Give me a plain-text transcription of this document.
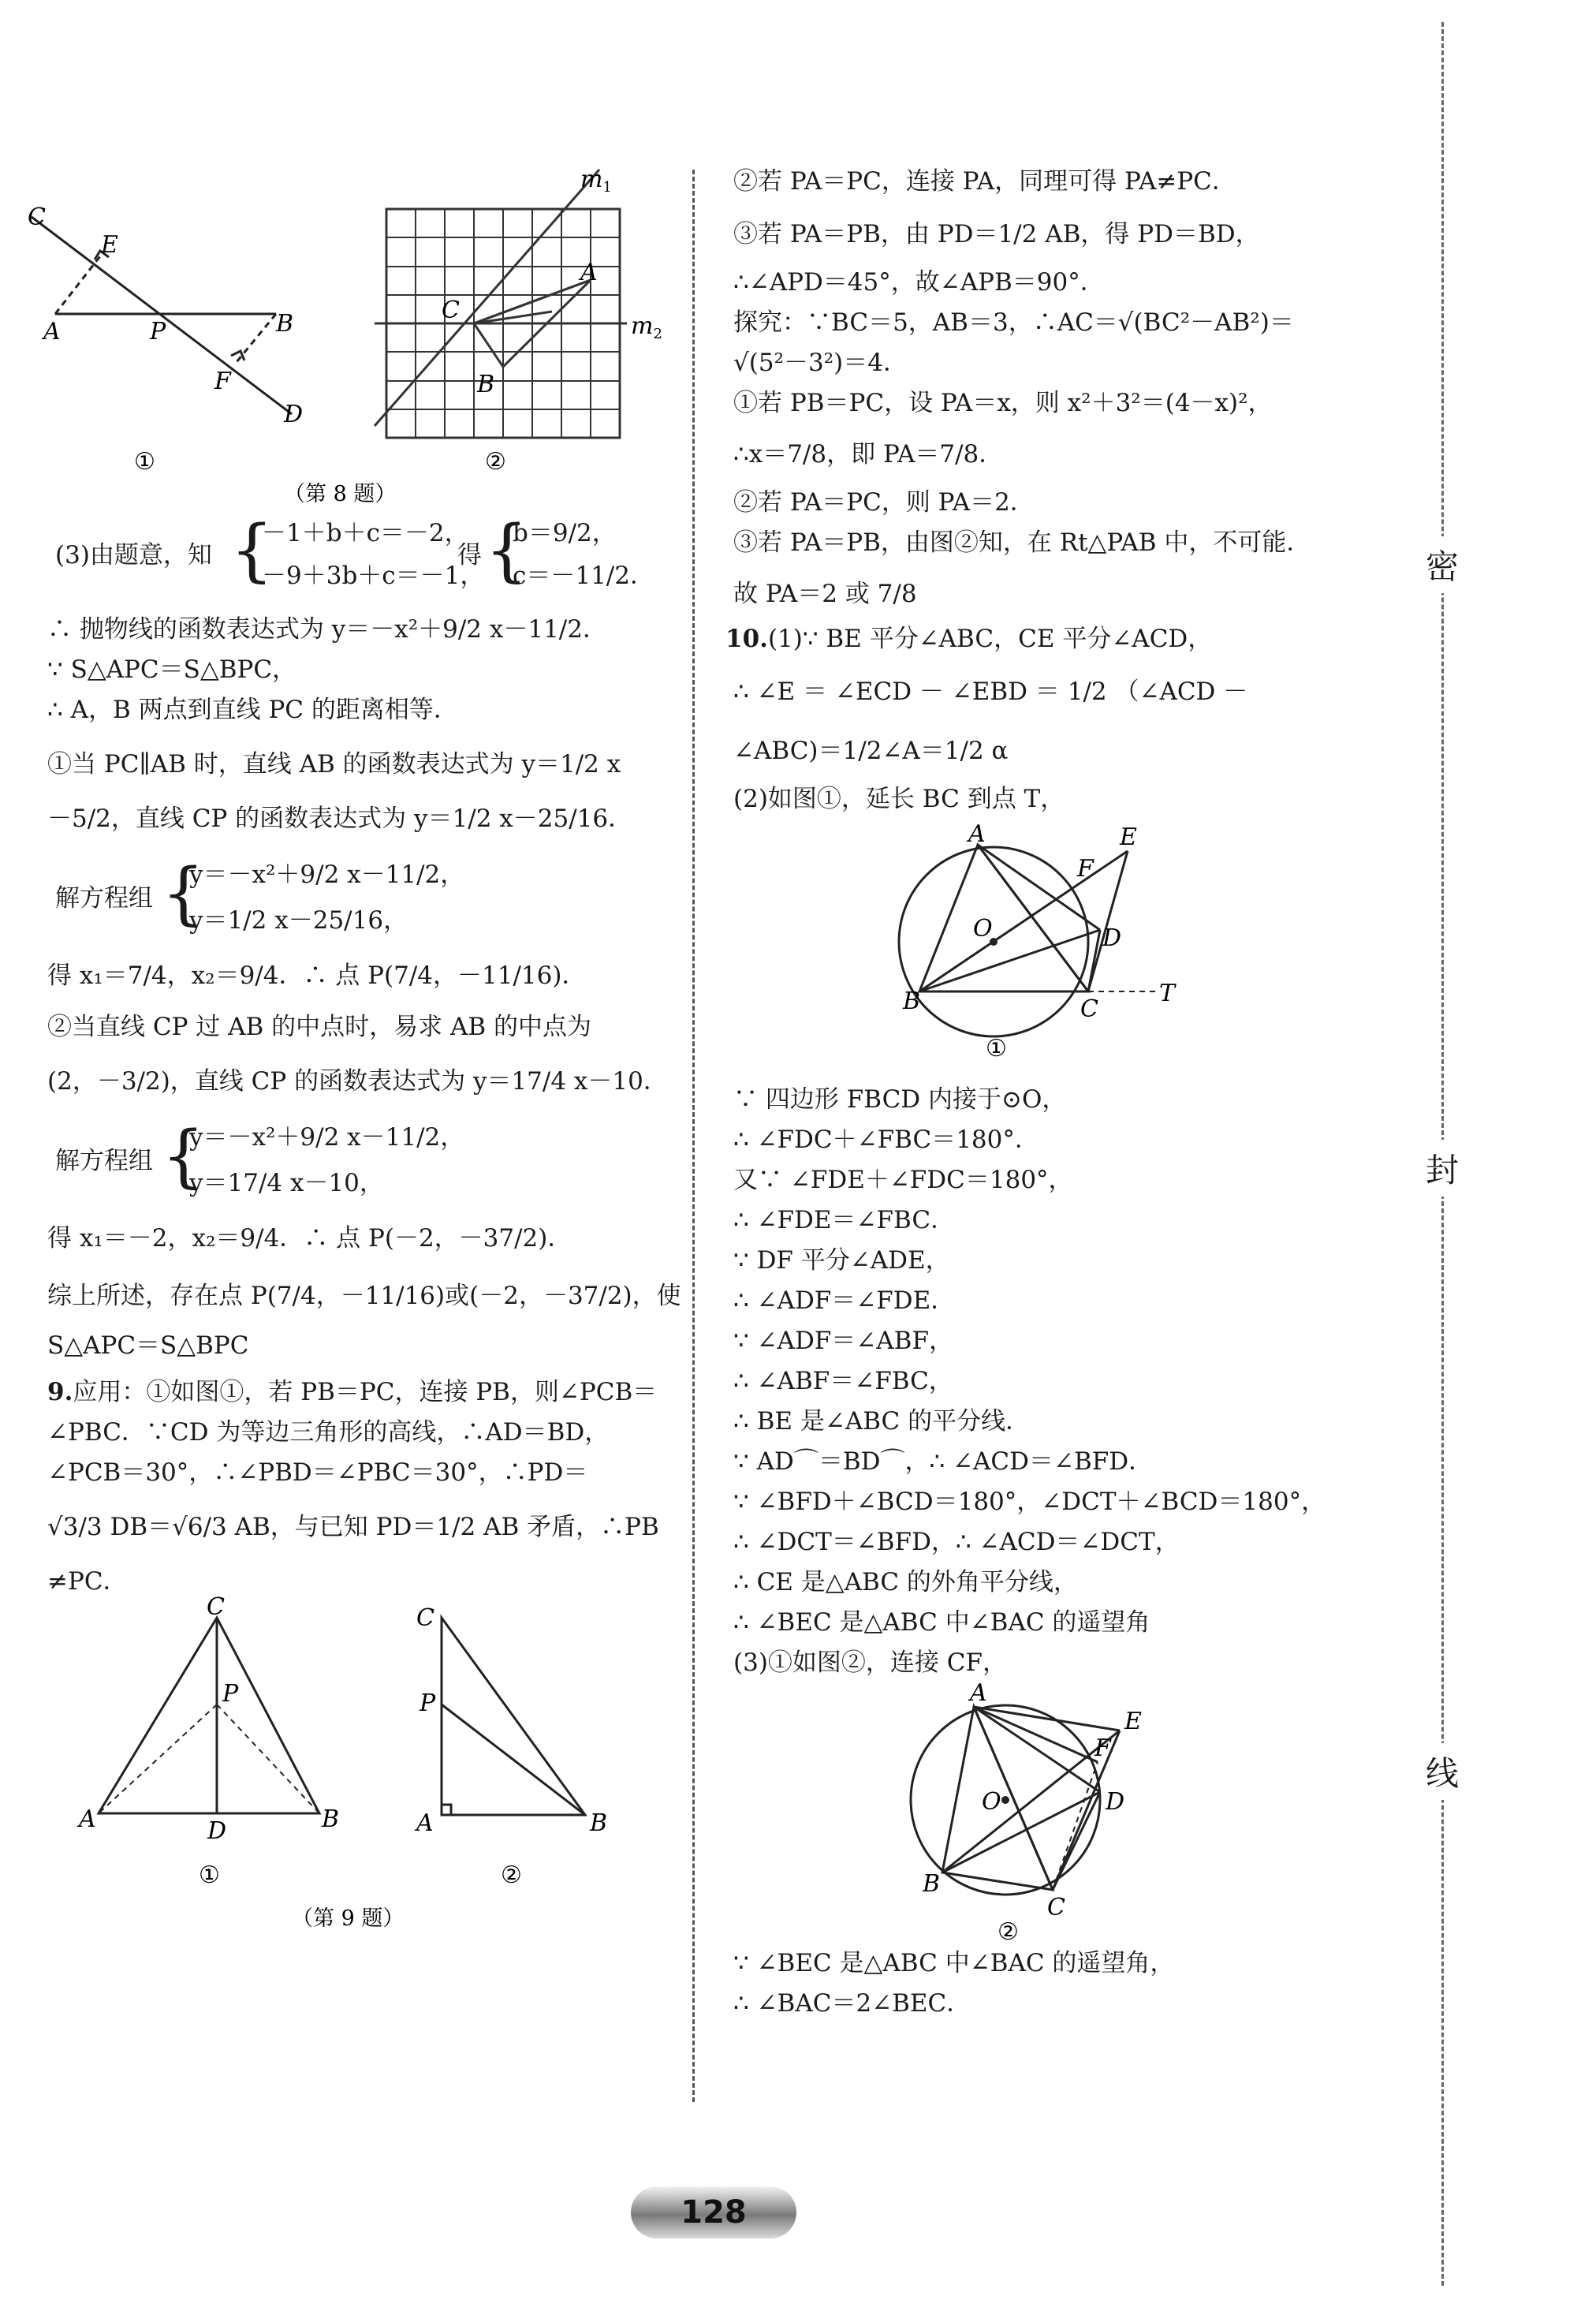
密
封
线
C
E
A	P	B
F
D
①
$m_1$
$m_2$
C
A
B
②
（第 8 题）
(3)由题意，知 {
－1＋b＋c＝－2，
－9＋3b＋c＝－1，
得 {
b＝9/2，
c＝－11/2．
∴ 抛物线的函数表达式为 y＝－x²＋9/2 x－11/2．
∵ S△APC＝S△BPC，
∴ A，B 两点到直线 PC 的距离相等．
①当 PC∥AB 时，直线 AB 的函数表达式为 y＝1/2 x
－5/2，直线 CP 的函数表达式为 y＝1/2 x－25/16．
解方程组 {
y＝－x²＋9/2 x－11/2，
y＝1/2 x－25/16，
得 x₁＝7/4，x₂＝9/4．∴ 点 P(7/4，－11/16)．
②当直线 CP 过 AB 的中点时，易求 AB 的中点为
(2，－3/2)，直线 CP 的函数表达式为 y＝17/4 x－10．
解方程组 {
y＝－x²＋9/2 x－11/2，
y＝17/4 x－10，
得 x₁＝－2，x₂＝9/4．∴ 点 P(－2，－37/2)．
综上所述，存在点 P(7/4，－11/16)或(－2，－37/2)，使
S△APC＝S△BPC
9.应用：①如图①，若 PB＝PC，连接 PB，则∠PCB＝
∠PBC．∵CD 为等边三角形的高线，∴AD＝BD，
∠PCB＝30°，∴∠PBD＝∠PBC＝30°，∴PD＝
√3/3 DB＝√6/3 AB，与已知 PD＝1/2 AB 矛盾，∴PB
≠PC．
C
P
A	D	B
①
C
P
A	B
②
（第 9 题）
②若 PA＝PC，连接 PA，同理可得 PA≠PC．
③若 PA＝PB，由 PD＝1/2 AB，得 PD＝BD，
∴∠APD＝45°，故∠APB＝90°．
探究：∵BC＝5，AB＝3，∴AC＝√(BC²－AB²)＝
√(5²－3²)＝4．
①若 PB＝PC，设 PA＝x，则 x²＋3²＝(4－x)²，
∴x＝7/8，即 PA＝7/8．
②若 PA＝PC，则 PA＝2．
③若 PA＝PB，由图②知，在 Rt△PAB 中，不可能．
故 PA＝2 或 7/8
10.(1)∵ BE 平分∠ABC，CE 平分∠ACD，
∴ ∠E ＝ ∠ECD － ∠EBD ＝ 1/2 （∠ACD －
∠ABC)＝1/2∠A＝1/2 α
(2)如图①，延长 BC 到点 T，
A	E
F
O	D
B	C
T
①
∵ 四边形 FBCD 内接于⊙O，
∴ ∠FDC＋∠FBC＝180°．
又∵ ∠FDE＋∠FDC＝180°，
∴ ∠FDE＝∠FBC．
∵ DF 平分∠ADE，
∴ ∠ADF＝∠FDE．
∵ ∠ADF＝∠ABF，
∴ ∠ABF＝∠FBC，
∴ BE 是∠ABC 的平分线．
∵ AD⌒＝BD⌒，∴ ∠ACD＝∠BFD．
∵ ∠BFD＋∠BCD＝180°，∠DCT＋∠BCD＝180°，
∴ ∠DCT＝∠BFD，∴ ∠ACD＝∠DCT，
∴ CE 是△ABC 的外角平分线，
∴ ∠BEC 是△ABC 中∠BAC 的遥望角
(3)①如图②，连接 CF，
A
E
F
O	D
B
C
②
∵ ∠BEC 是△ABC 中∠BAC 的遥望角，
∴ ∠BAC＝2∠BEC．
128
